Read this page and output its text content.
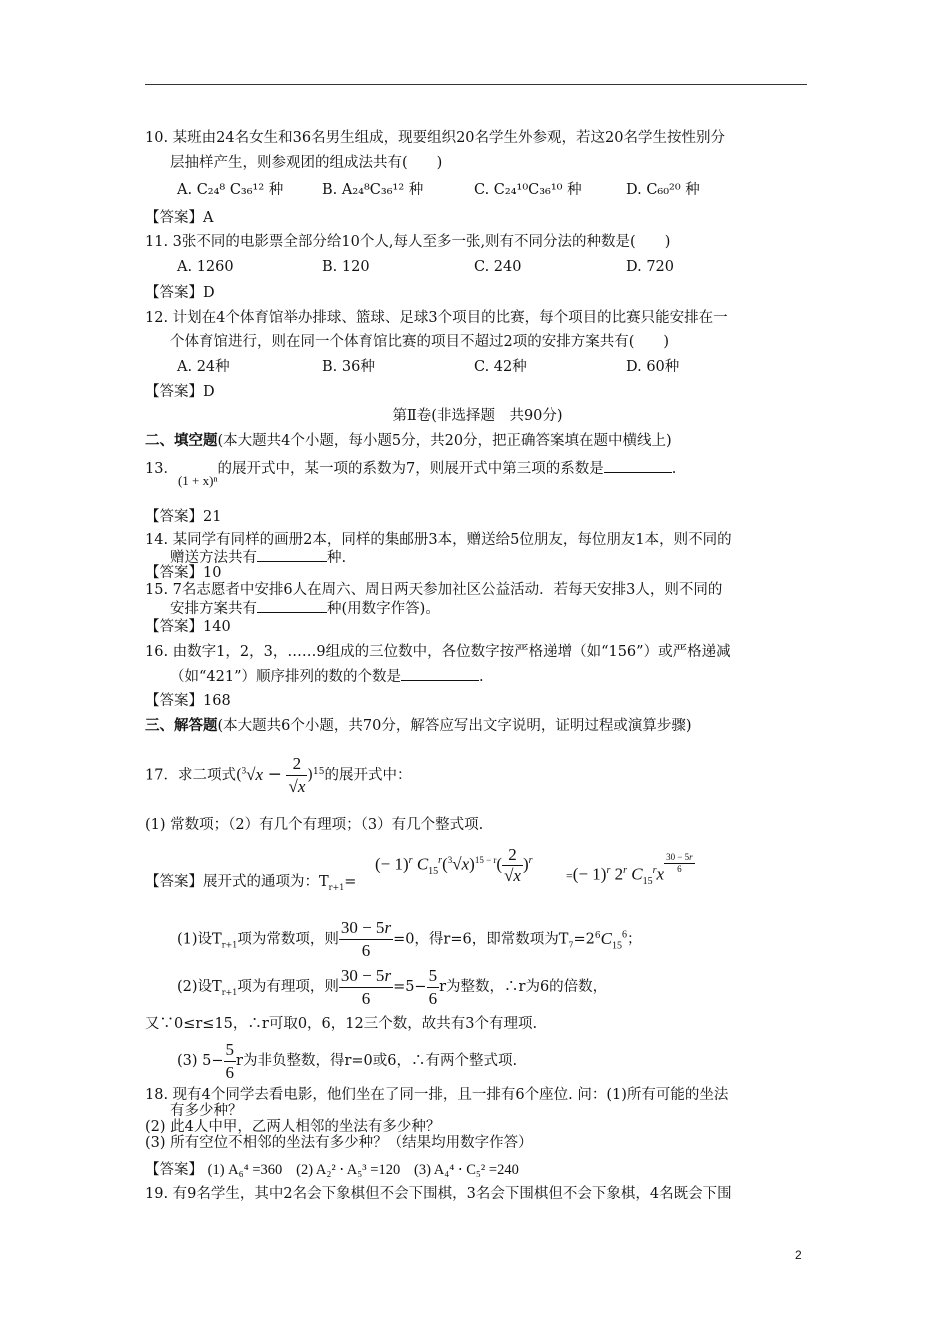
10. 某班由24名女生和36名男生组成，现要组织20名学生外参观，若这20名学生按性别分
层抽样产生，则参观团的组成法共有(　　)
A. C₂₄⁸ C₃₆¹² 种	B. A₂₄⁸C₃₆¹² 种	C. C₂₄¹⁰C₃₆¹⁰ 种	D. C₆₀²⁰ 种
【答案】A
11. 3张不同的电影票全部分给10个人,每人至多一张,则有不同分法的种数是(　　)
A. 1260	B. 120	C. 240	D. 720
【答案】D
12. 计划在4个体育馆举办排球、篮球、足球3个项目的比赛，每个项目的比赛只能安排在一
个体育馆进行，则在同一个体育馆比赛的项目不超过2项的安排方案共有(　　)
A. 24种	B. 36种	C. 42种	D. 60种
【答案】D
第Ⅱ卷(非选择题　共90分)
二、填空题(本大题共4个小题，每小题5分，共20分，把正确答案填在题中横线上)
13．(1 + x)ⁿ的展开式中，某一项的系数为7，则展开式中第三项的系数是	.
【答案】21
14. 某同学有同样的画册2本，同样的集邮册3本，赠送给5位朋友，每位朋友1本，则不同的
赠送方法共有	种.
【答案】10
15. 7名志愿者中安排6人在周六、周日两天参加社区公益活动．若每天安排3人，则不同的
安排方案共有	种(用数字作答)。
【答案】140
16. 由数字1，2，3，……9组成的三位数中，各位数字按严格递增（如“156”）或严格递减
（如“421”）顺序排列的数的个数是	.
【答案】168
三、解答题(本大题共6个小题，共70分，解答应写出文字说明，证明过程或演算步骤)
17．求二项式$(^3√x - \frac{2}{√x} )^{15}$的展开式中：
(1) 常数项；（2）有几个有理项；（3）有几个整式项.
(− 1)$^r$ $C_{15}^r(^3√x)^{15 - r}( \frac{2}{√x} )^r$
【答案】展开式的通项为：$T_{r+1}=$	=(− 1)$^r$ 2$^r$ $C_{15}^rx \frac{30 - 5r}{6}$
(1)设$T_{r+1}$项为常数项，则 $\frac{30 - 5r}{6} =0$，得r=6，即常数项为$T_7=2^6C_{15}^6$；
(2)设$T_{r+1}$项为有理项，则 $\frac{30 - 5r}{6} =5- \frac{5}{6}$ r为整数，∴r为6的倍数，
又∵0≤r≤15，∴r可取0，6，12三个数，故共有3个有理项.
(3) $5- \frac{5}{6}$ r为非负整数，得r=0或6，∴有两个整式项.
18. 现有4个同学去看电影，他们坐在了同一排，且一排有6个座位. 问：(1)所有可能的坐法
有多少种？
(2) 此4人中甲，乙两人相邻的坐法有多少种？
(3) 所有空位不相邻的坐法有多少种？（结果均用数字作答）
【答案】 (1) A₆⁴ =360 (2) A₂² ⋅ A₅³ =120 (3) A₄⁴ ⋅ C₅² =240
19. 有9名学生，其中2名会下象棋但不会下围棋，3名会下围棋但不会下象棋，4名既会下围
2
